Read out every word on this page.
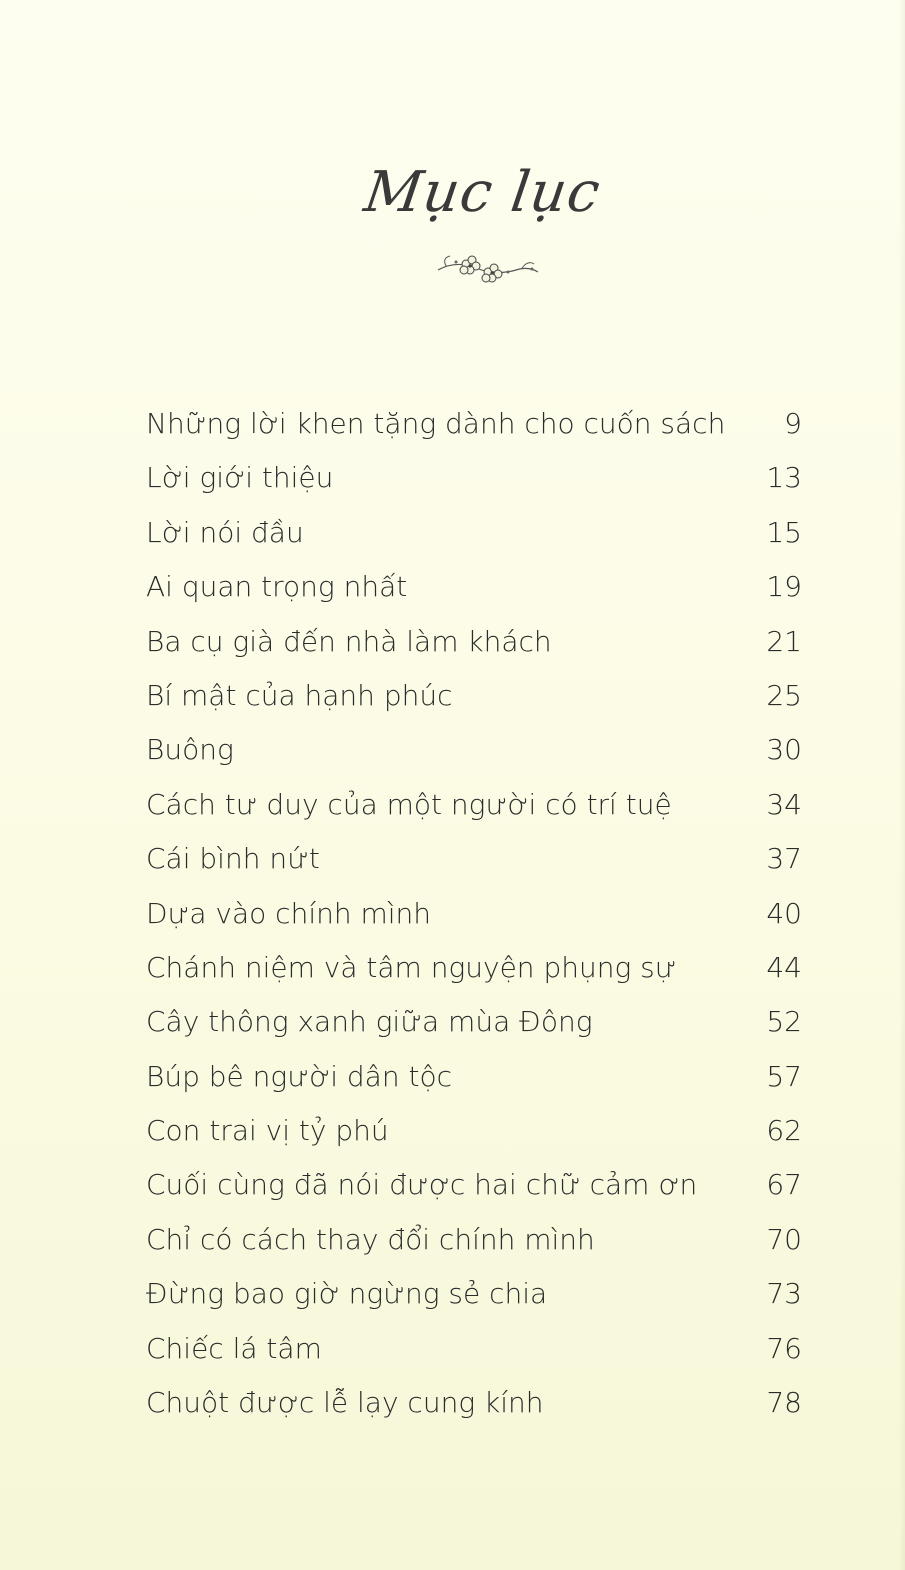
Mục lục
Những lời khen tặng dành cho cuốn sách	9
Lời giới thiệu	13
Lời nói đầu	15
Ai quan trọng nhất	19
Ba cụ già đến nhà làm khách	21
Bí mật của hạnh phúc	25
Buông	30
Cách tư duy của một người có trí tuệ	34
Cái bình nứt	37
Dựa vào chính mình	40
Chánh niệm và tâm nguyện phụng sự	44
Cây thông xanh giữa mùa Đông	52
Búp bê người dân tộc	57
Con trai vị tỷ phú	62
Cuối cùng đã nói được hai chữ cảm ơn	67
Chỉ có cách thay đổi chính mình	70
Đừng bao giờ ngừng sẻ chia	73
Chiếc lá tâm	76
Chuột được lễ lạy cung kính	78
